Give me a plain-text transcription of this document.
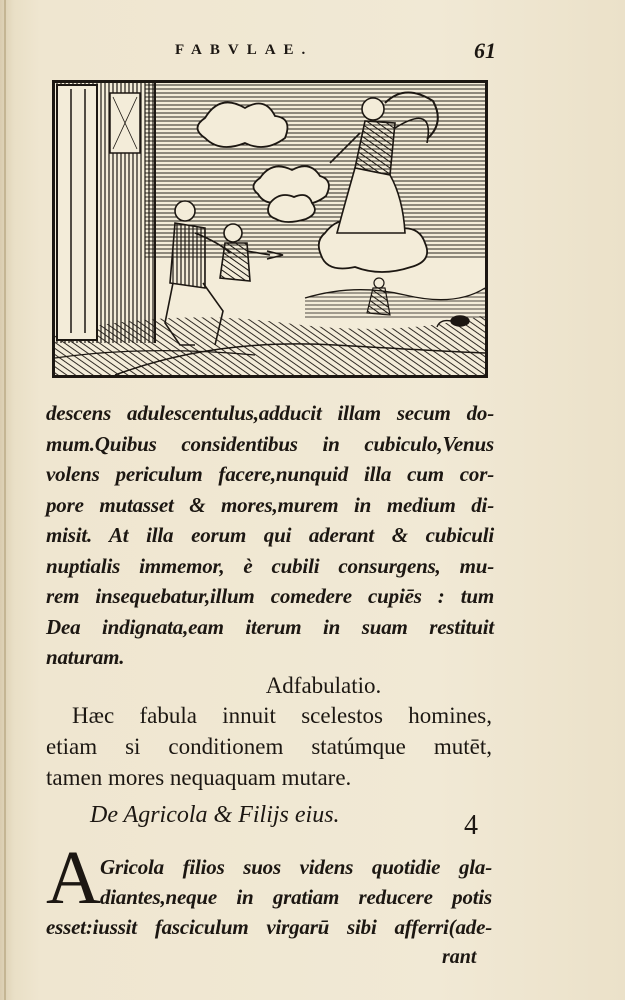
FABVLAE.	61
descens adulescentulus,adducit illam secum do-
mum.Quibus considentibus in cubiculo,Venus
volens periculum facere,nunquid illa cum cor-
pore mutasset & mores,murem in medium di-
misit. At illa eorum qui aderant & cubiculi
nuptialis immemor, è cubili consurgens, mu-
rem insequebatur,illum comedere cupiēs : tum
Dea indignata,eam iterum in suam restituit
naturam.
Adfabulatio.
Hæc fabula innuit scelestos homines,
etiam si conditionem statúmque mutēt,
tamen mores nequaquam mutare.
De Agricola & Filijs eius.	4
A Gricola filios suos videns quotidie gla-
diantes,neque in gratiam reducere potis
esset:iussit fasciculum virgarū sibi afferri(ade-
rant
